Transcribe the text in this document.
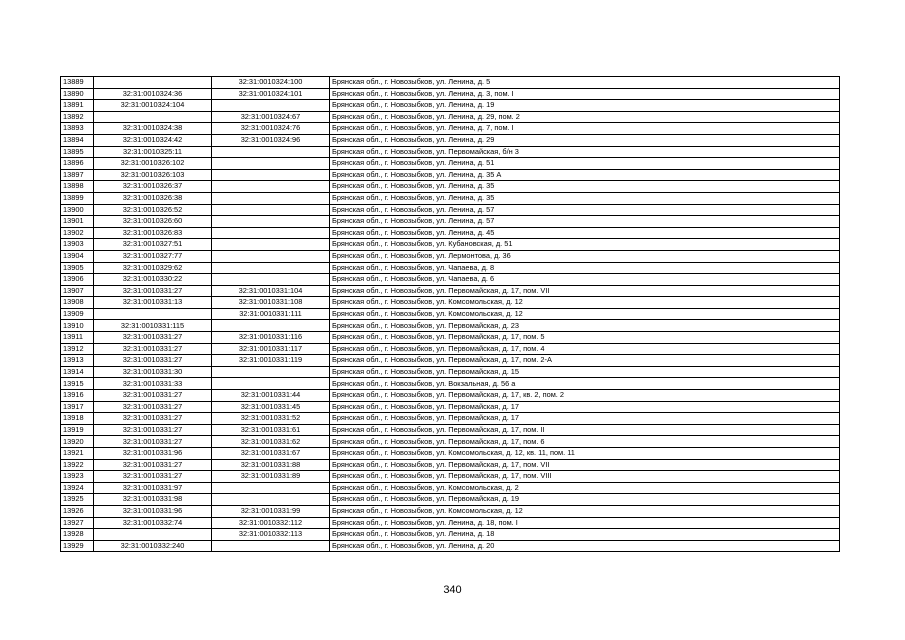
13889		32:31:0010324:100	Брянская обл., г. Новозыбков, ул. Ленина, д. 5
13890	32:31:0010324:36	32:31:0010324:101	Брянская обл., г. Новозыбков, ул. Ленина, д. 3, пом. I
13891	32:31:0010324:104		Брянская обл., г. Новозыбков, ул. Ленина, д. 19
13892		32:31:0010324:67	Брянская обл., г. Новозыбков, ул. Ленина, д. 29, пом. 2
13893	32:31:0010324:38	32:31:0010324:76	Брянская обл., г. Новозыбков, ул. Ленина, д. 7, пом. I
13894	32:31:0010324:42	32:31:0010324:96	Брянская обл., г. Новозыбков, ул. Ленина, д. 29
13895	32:31:0010325:11		Брянская обл., г. Новозыбков, ул. Первомайская, б/н 3
13896	32:31:0010326:102		Брянская обл., г. Новозыбков, ул. Ленина, д. 51
13897	32:31:0010326:103		Брянская обл., г. Новозыбков, ул. Ленина, д. 35 А
13898	32:31:0010326:37		Брянская обл., г. Новозыбков, ул. Ленина, д. 35
13899	32:31:0010326:38		Брянская обл., г. Новозыбков, ул. Ленина, д. 35
13900	32:31:0010326:52		Брянская обл., г. Новозыбков, ул. Ленина, д. 57
13901	32:31:0010326:60		Брянская обл., г. Новозыбков, ул. Ленина, д. 57
13902	32:31:0010326:83		Брянская обл., г. Новозыбков, ул. Ленина, д. 45
13903	32:31:0010327:51		Брянская обл., г. Новозыбков, ул. Кубановская, д. 51
13904	32:31:0010327:77		Брянская обл., г. Новозыбков, ул. Лермонтова, д. 36
13905	32:31:0010329:62		Брянская обл., г. Новозыбков, ул. Чапаева, д. 8
13906	32:31:0010330:22		Брянская обл., г. Новозыбков, ул. Чапаева, д. 6
13907	32:31:0010331:27	32:31:0010331:104	Брянская обл., г. Новозыбков, ул. Первомайская, д. 17, пом. VII
13908	32:31:0010331:13	32:31:0010331:108	Брянская обл., г. Новозыбков, ул. Комсомольская, д. 12
13909		32:31:0010331:111	Брянская обл., г. Новозыбков, ул. Комсомольская, д. 12
13910	32:31:0010331:115		Брянская обл., г. Новозыбков, ул. Первомайская, д. 23
13911	32:31:0010331:27	32:31:0010331:116	Брянская обл., г. Новозыбков, ул. Первомайская, д. 17, пом. 5
13912	32:31:0010331:27	32:31:0010331:117	Брянская обл., г. Новозыбков, ул. Первомайская, д. 17, пом. 4
13913	32:31:0010331:27	32:31:0010331:119	Брянская обл., г. Новозыбков, ул. Первомайская, д. 17, пом. 2-А
13914	32:31:0010331:30		Брянская обл., г. Новозыбков, ул. Первомайская, д. 15
13915	32:31:0010331:33		Брянская обл., г. Новозыбков, ул. Вокзальная, д. 56 а
13916	32:31:0010331:27	32:31:0010331:44	Брянская обл., г. Новозыбков, ул. Первомайская, д. 17, кв. 2, пом. 2
13917	32:31:0010331:27	32:31:0010331:45	Брянская обл., г. Новозыбков, ул. Первомайская, д. 17
13918	32:31:0010331:27	32:31:0010331:52	Брянская обл., г. Новозыбков, ул. Первомайская, д. 17
13919	32:31:0010331:27	32:31:0010331:61	Брянская обл., г. Новозыбков, ул. Первомайская, д. 17, пом. II
13920	32:31:0010331:27	32:31:0010331:62	Брянская обл., г. Новозыбков, ул. Первомайская, д. 17, пом. 6
13921	32:31:0010331:96	32:31:0010331:67	Брянская обл., г. Новозыбков, ул. Комсомольская, д. 12, кв. 11, пом. 11
13922	32:31:0010331:27	32:31:0010331:88	Брянская обл., г. Новозыбков, ул. Первомайская, д. 17, пом. VII
13923	32:31:0010331:27	32:31:0010331:89	Брянская обл., г. Новозыбков, ул. Первомайская, д. 17, пом. VIII
13924	32:31:0010331:97		Брянская обл., г. Новозыбков, ул. Комсомольская, д. 2
13925	32:31:0010331:98		Брянская обл., г. Новозыбков, ул. Первомайская, д. 19
13926	32:31:0010331:96	32:31:0010331:99	Брянская обл., г. Новозыбков, ул. Комсомольская, д. 12
13927	32:31:0010332:74	32:31:0010332:112	Брянская обл., г. Новозыбков, ул. Ленина, д. 18, пом. I
13928		32:31:0010332:113	Брянская обл., г. Новозыбков, ул. Ленина, д. 18
13929	32:31:0010332:240		Брянская обл., г. Новозыбков, ул. Ленина, д. 20
340
